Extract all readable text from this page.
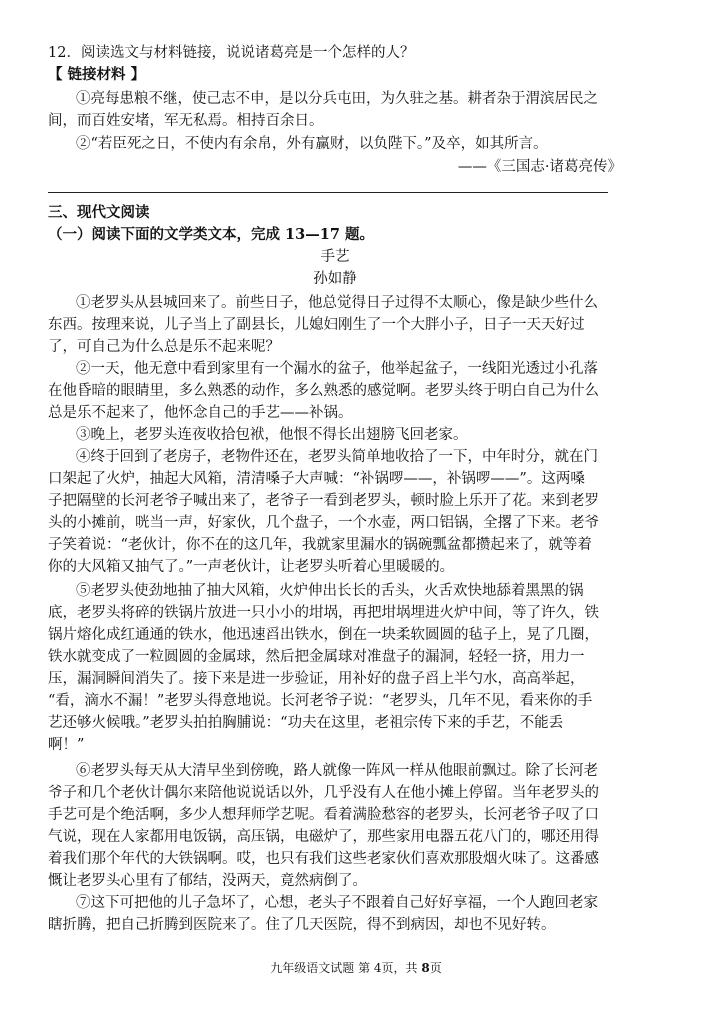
12．阅读选文与材料链接，说说诸葛亮是一个怎样的人？
【 链接材料 】
①亮每患粮不继，使己志不申，是以分兵屯田，为久驻之基。耕者杂于渭滨居民之
间，而百姓安堵，军无私焉。相持百余日。
②“若臣死之日，不使内有余帛，外有赢财，以负陛下。”及卒，如其所言。
——《三国志·诸葛亮传》
三、现代文阅读
（一）阅读下面的文学类文本，完成 13—17 题。
手艺
孙如静
①老罗头从县城回来了。前些日子，他总觉得日子过得不太顺心，像是缺少些什么
东西。按理来说，儿子当上了副县长，儿媳妇刚生了一个大胖小子，日子一天天好过
了，可自己为什么总是乐不起来呢？
②一天，他无意中看到家里有一个漏水的盆子，他举起盆子，一线阳光透过小孔落
在他昏暗的眼睛里，多么熟悉的动作，多么熟悉的感觉啊。老罗头终于明白自己为什么
总是乐不起来了，他怀念自己的手艺——补锅。
③晚上，老罗头连夜收拾包袱，他恨不得长出翅膀飞回老家。
④终于回到了老房子，老物件还在，老罗头简单地收拾了一下，中年时分，就在门
口架起了火炉，抽起大风箱，清清嗓子大声喊：“补锅啰——，补锅啰——”。这两嗓
子把隔壁的长河老爷子喊出来了，老爷子一看到老罗头，顿时脸上乐开了花。来到老罗
头的小摊前，咣当一声，好家伙，几个盘子，一个水壶，两口铝锅，全撂了下来。老爷
子笑着说：“老伙计，你不在的这几年，我就家里漏水的锅碗瓢盆都攒起来了，就等着
你的大风箱又抽气了。”一声老伙计，让老罗头听着心里暖暖的。
⑤老罗头使劲地抽了抽大风箱，火炉伸出长长的舌头，火舌欢快地舔着黑黑的锅
底，老罗头将碎的铁锅片放进一只小小的坩埚，再把坩埚埋进火炉中间，等了许久，铁
锅片熔化成红通通的铁水，他迅速舀出铁水，倒在一块柔软圆圆的毡子上，晃了几圈，
铁水就变成了一粒圆圆的金属球，然后把金属球对准盘子的漏洞，轻轻一挤，用力一
压，漏洞瞬间消失了。接下来是进一步验证，用补好的盘子舀上半勺水，高高举起，
“看，滴水不漏！”老罗头得意地说。长河老爷子说：“老罗头，几年不见，看来你的手
艺还够火候哦。”老罗头拍拍胸脯说：“功夫在这里，老祖宗传下来的手艺，不能丢
啊！”
⑥老罗头每天从大清早坐到傍晚，路人就像一阵风一样从他眼前飘过。除了长河老
爷子和几个老伙计偶尔来陪他说说话以外，几乎没有人在他小摊上停留。当年老罗头的
手艺可是个绝活啊，多少人想拜师学艺呢。看着满脸愁容的老罗头，长河老爷子叹了口
气说，现在人家都用电饭锅，高压锅，电磁炉了，那些家用电器五花八门的，哪还用得
着我们那个年代的大铁锅啊。哎，也只有我们这些老家伙们喜欢那股烟火味了。这番感
慨让老罗头心里有了郁结，没两天，竟然病倒了。
⑦这下可把他的儿子急坏了，心想，老头子不跟着自己好好享福，一个人跑回老家
瞎折腾，把自己折腾到医院来了。住了几天医院，得不到病因，却也不见好转。
九年级语文试题 第 4页，共 8页
